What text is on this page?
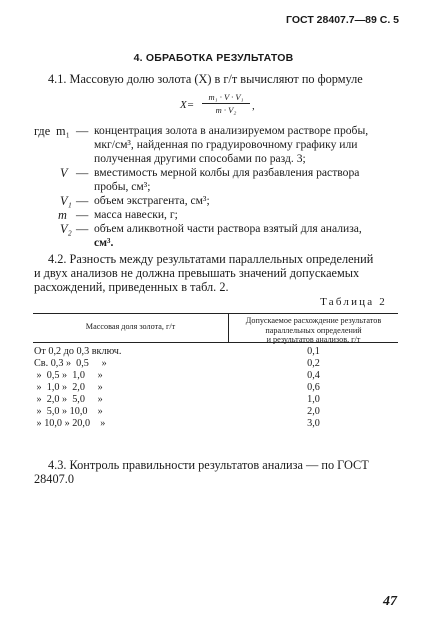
ГОСТ 28407.7—89 С. 5
4. ОБРАБОТКА РЕЗУЛЬТАТОВ
4.1. Массовую долю золота (X) в г/т вычисляют по формуле
X=
m₁ · V · V₁
m · V₂	,
где m₁ — концентрация золота в анализируемом растворе пробы,
мкг/см³, найденная по градуировочному графику или
полученная другими способами по разд. 3;
V — вместимость мерной колбы для разбавления раствора
пробы, см³;
V₁ — объем экстрагента, см³;
m — масса навески, г;
V₂ — объем аликвотной части раствора взятый для анализа,
см³.
4.2. Разность между результатами параллельных определений
и двух анализов не должна превышать значений допускаемых
расхождений, приведенных в табл. 2.
Таблица 2
Массовая доля золота, г/т
Допускаемое расхождение результатов
параллельных определений
и результатов анализов, г/т
От 0,2 до 0,3 включ.	0,1
Св. 0,3 »  0,5     »	0,2
»  0,5 »  1,0     »	0,4
»  1,0 »  2,0     »	0,6
»  2,0 »  5,0     »	1,0
»  5,0 » 10,0    »	2,0
» 10,0 » 20,0    »	3,0
4.3. Контроль правильности результатов анализа — по ГОСТ
28407.0
47
